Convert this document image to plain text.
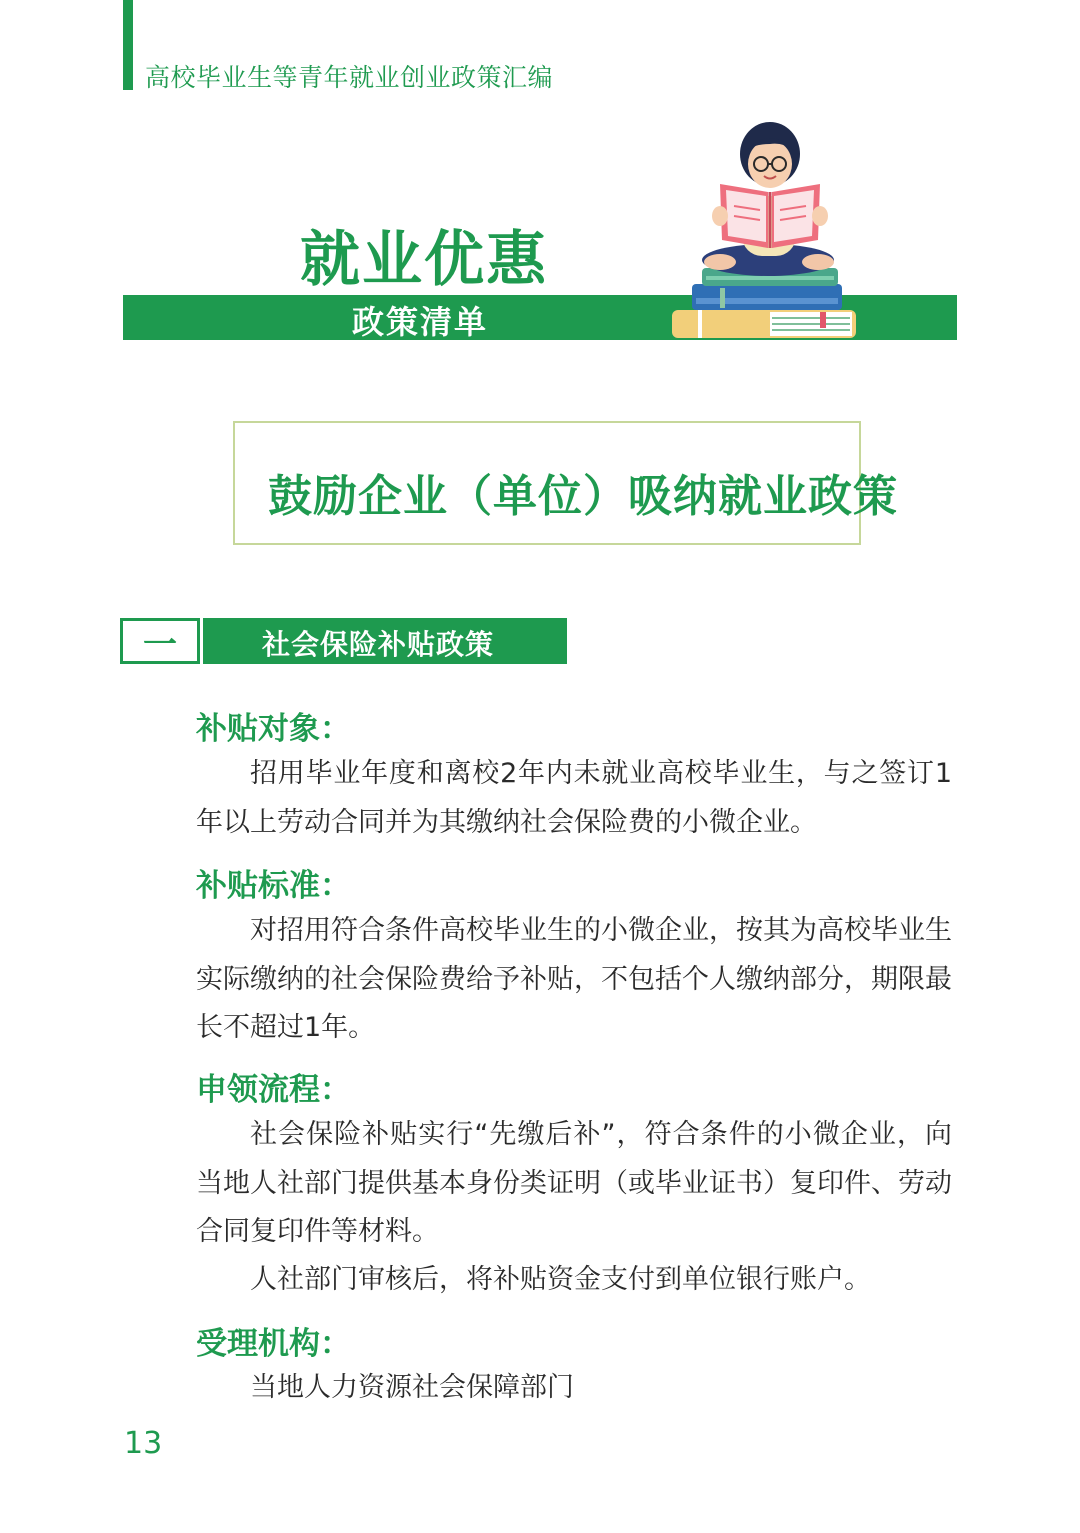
高校毕业生等青年就业创业政策汇编
就业优惠
政策清单
鼓励企业（单位）吸纳就业政策
一	社会保险补贴政策
补贴对象：

招用毕业年度和离校2年内未就业高校毕业生，与之签订1年以上劳动合同并为其缴纳社会保险费的小微企业。

补贴标准：

对招用符合条件高校毕业生的小微企业，按其为高校毕业生实际缴纳的社会保险费给予补贴，不包括个人缴纳部分，期限最长不超过1年。

申领流程：

社会保险补贴实行“先缴后补”，符合条件的小微企业，向当地人社部门提供基本身份类证明（或毕业证书）复印件、劳动合同复印件等材料。

人社部门审核后，将补贴资金支付到单位银行账户。

受理机构：

当地人力资源社会保障部门

13
